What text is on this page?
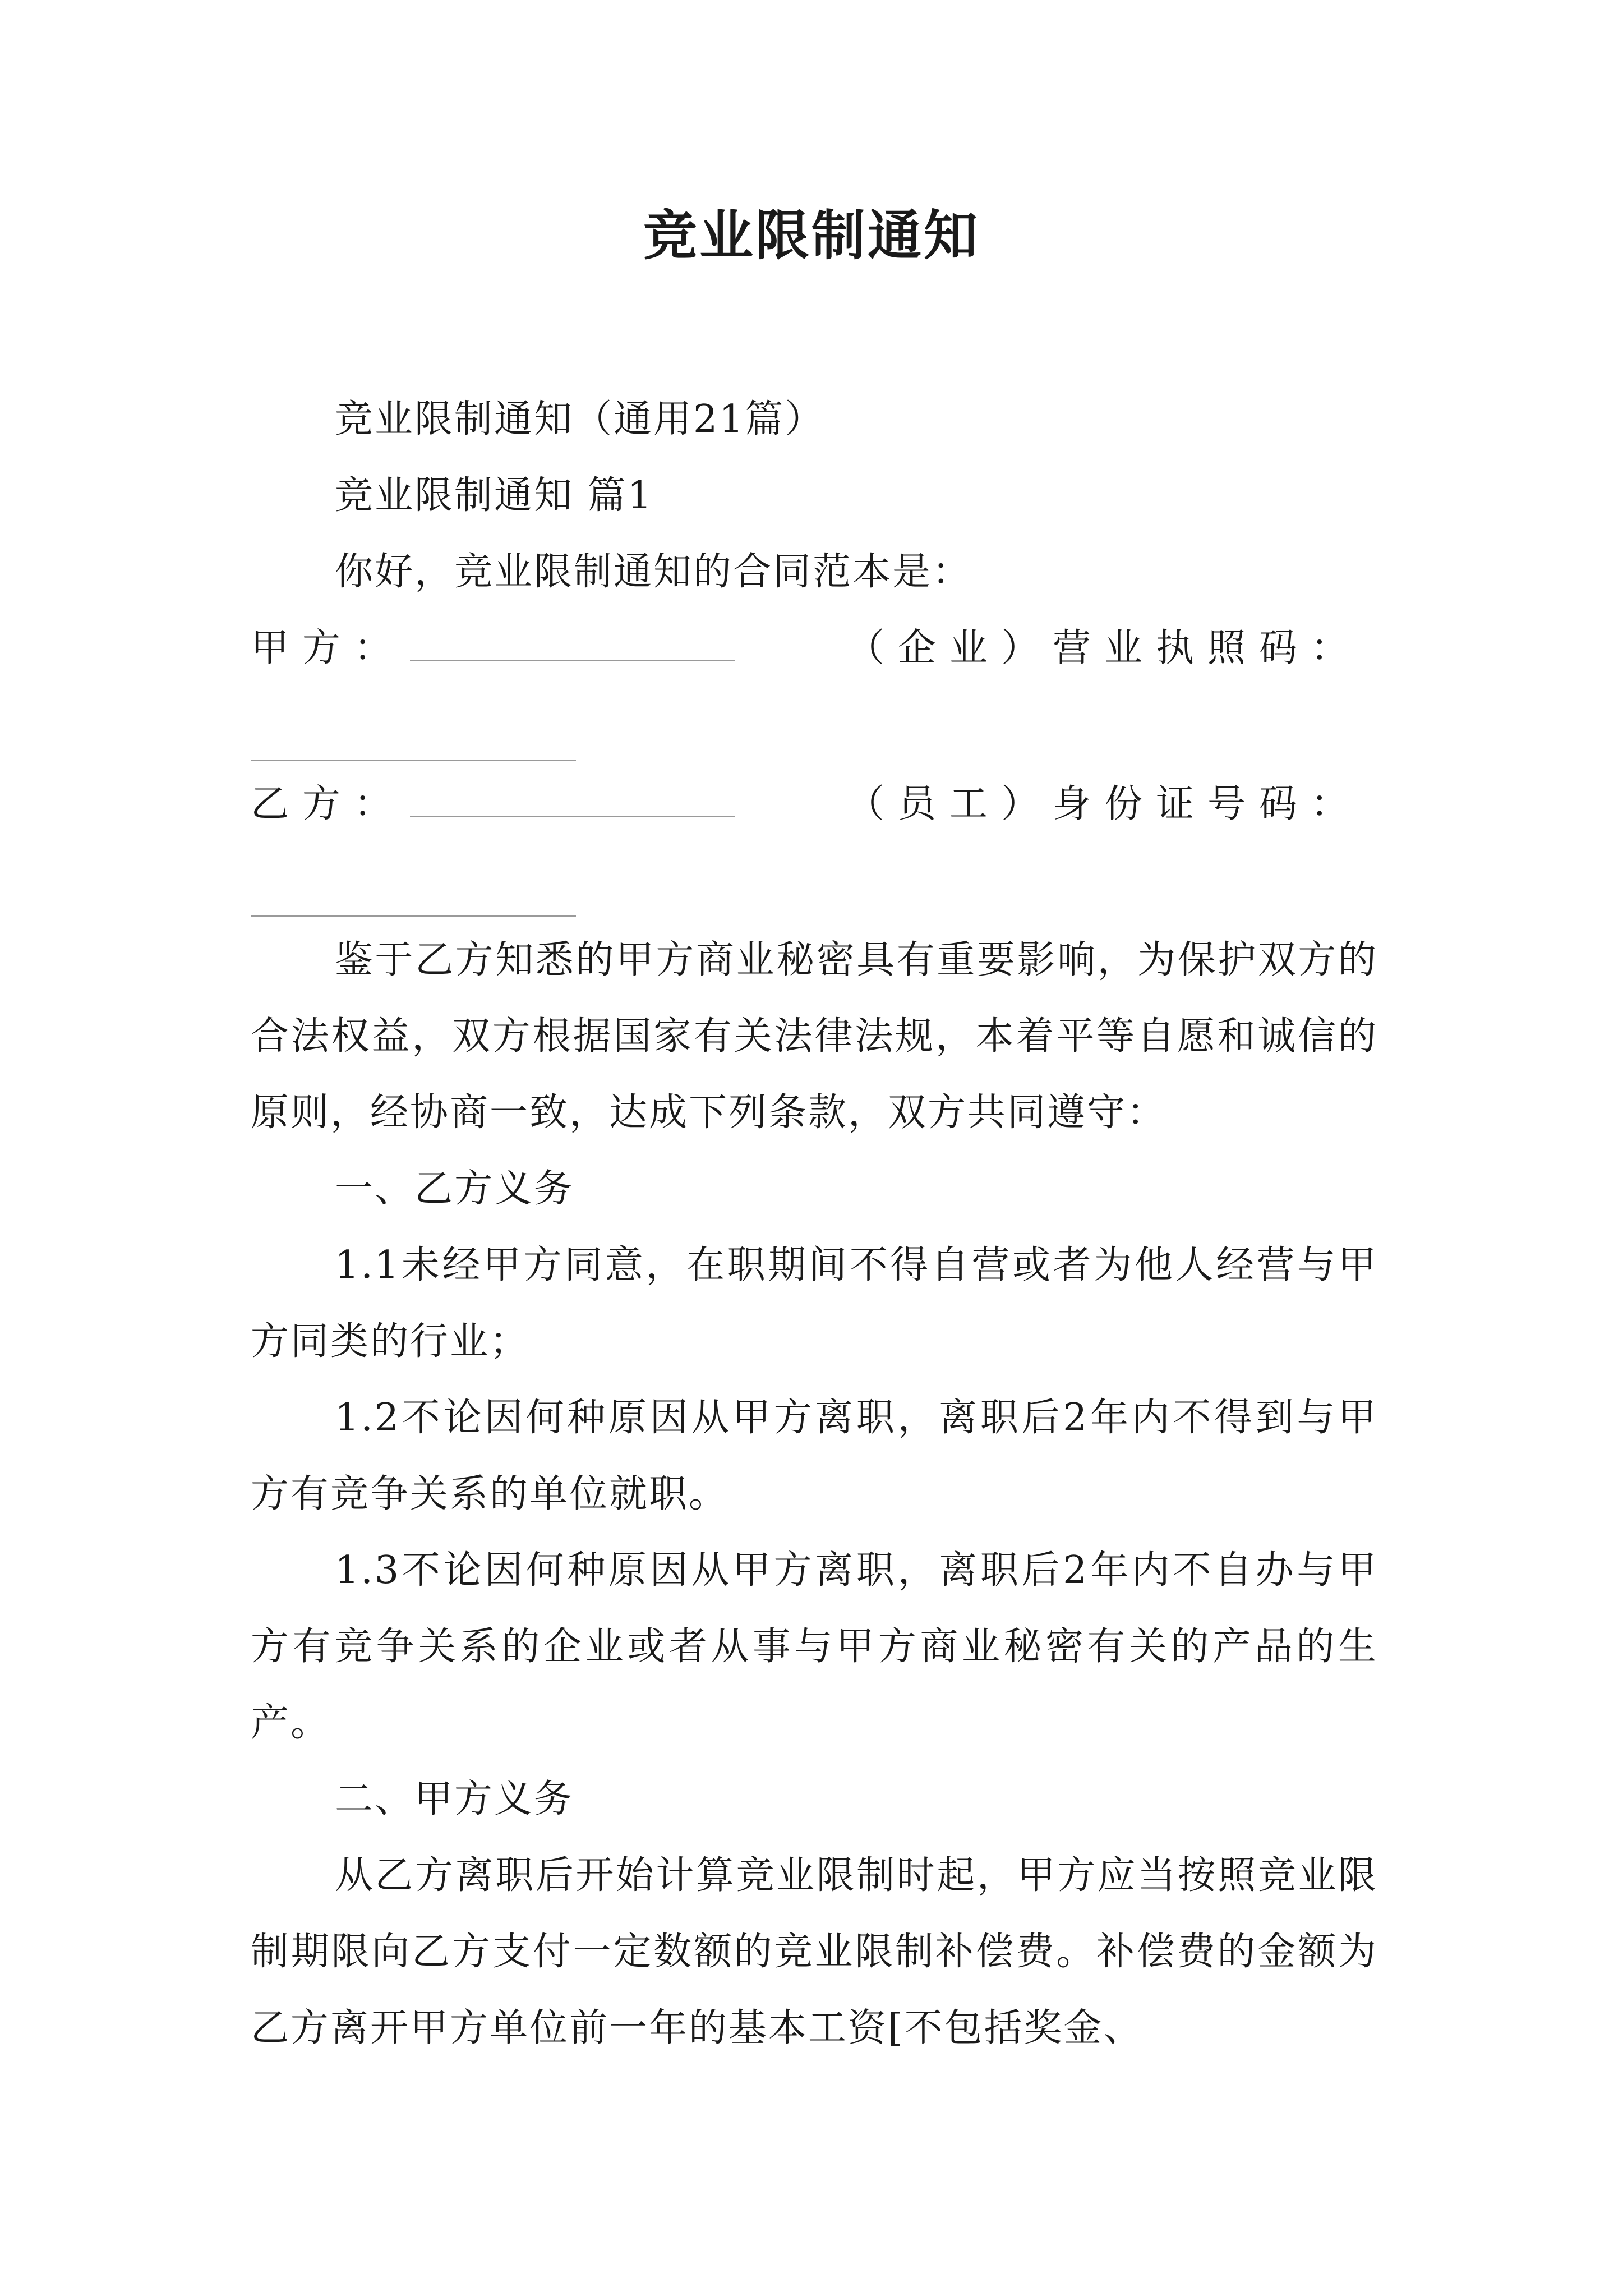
竞业限制通知

竞业限制通知（通用21篇）

竞业限制通知 篇1

你好，竞业限制通知的合同范本是：

甲方：	（企业）营业执照码：

乙方：	（员工）身份证号码：

鉴于乙方知悉的甲方商业秘密具有重要影响，为保护双方的合法权益，双方根据国家有关法律法规，本着平等自愿和诚信的原则，经协商一致，达成下列条款，双方共同遵守：

一、乙方义务

1.1未经甲方同意，在职期间不得自营或者为他人经营与甲方同类的行业；

1.2不论因何种原因从甲方离职，离职后2年内不得到与甲方有竞争关系的单位就职。

1.3不论因何种原因从甲方离职，离职后2年内不自办与甲方有竞争关系的企业或者从事与甲方商业秘密有关的产品的生产。

二、甲方义务

从乙方离职后开始计算竞业限制时起，甲方应当按照竞业限制期限向乙方支付一定数额的竞业限制补偿费。补偿费的金额为乙方离开甲方单位前一年的基本工资[不包括奖金、
